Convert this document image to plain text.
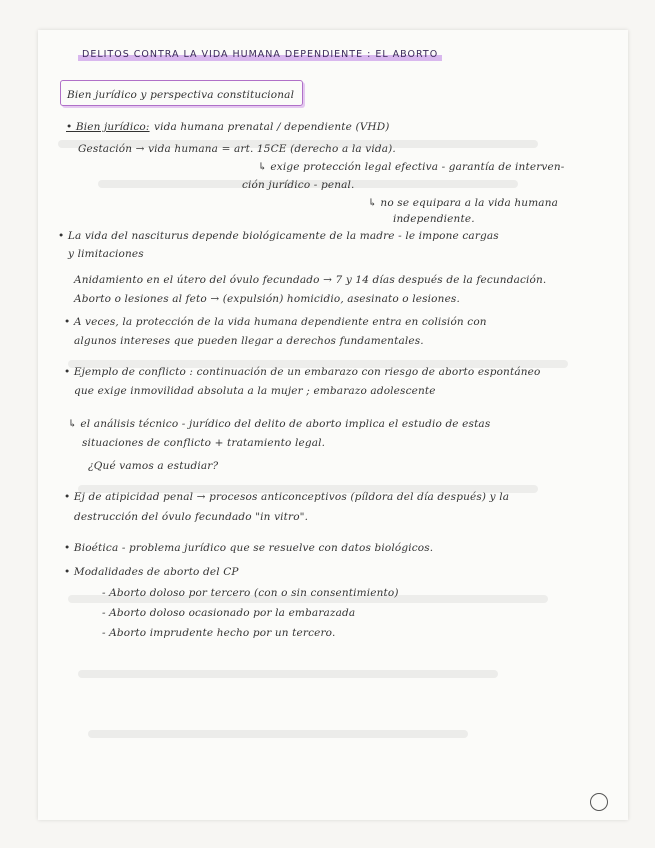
DELITOS CONTRA LA VIDA HUMANA DEPENDIENTE : EL ABORTO
Bien jurídico y perspectiva constitucional
• Bien jurídico: vida humana prenatal / dependiente (VHD)
Gestación → vida humana = art. 15CE (derecho a la vida).
↳ exige protección legal efectiva - garantía de interven-
ción jurídico - penal.
↳ no se equipara a la vida humana
independiente.
• La vida del nasciturus depende biológicamente de la madre - le impone cargas
y limitaciones
Anidamiento en el útero del óvulo fecundado → 7 y 14 días después de la fecundación.
Aborto o lesiones al feto → (expulsión) homicidio, asesinato o lesiones.
• A veces, la protección de la vida humana dependiente entra en colisión con
algunos intereses que pueden llegar a derechos fundamentales.
• Ejemplo de conflicto : continuación de un embarazo con riesgo de aborto espontáneo
que exige inmovilidad absoluta a la mujer ; embarazo adolescente
↳ el análisis técnico - jurídico del delito de aborto implica el estudio de estas
situaciones de conflicto + tratamiento legal.
¿Qué vamos a estudiar?
• Ej de atipicidad penal → procesos anticonceptivos (píldora del día después) y la
destrucción del óvulo fecundado "in vitro".
• Bioética - problema jurídico que se resuelve con datos biológicos.
• Modalidades de aborto del CP
- Aborto doloso por tercero (con o sin consentimiento)
- Aborto doloso ocasionado por la embarazada
- Aborto imprudente hecho por un tercero.
